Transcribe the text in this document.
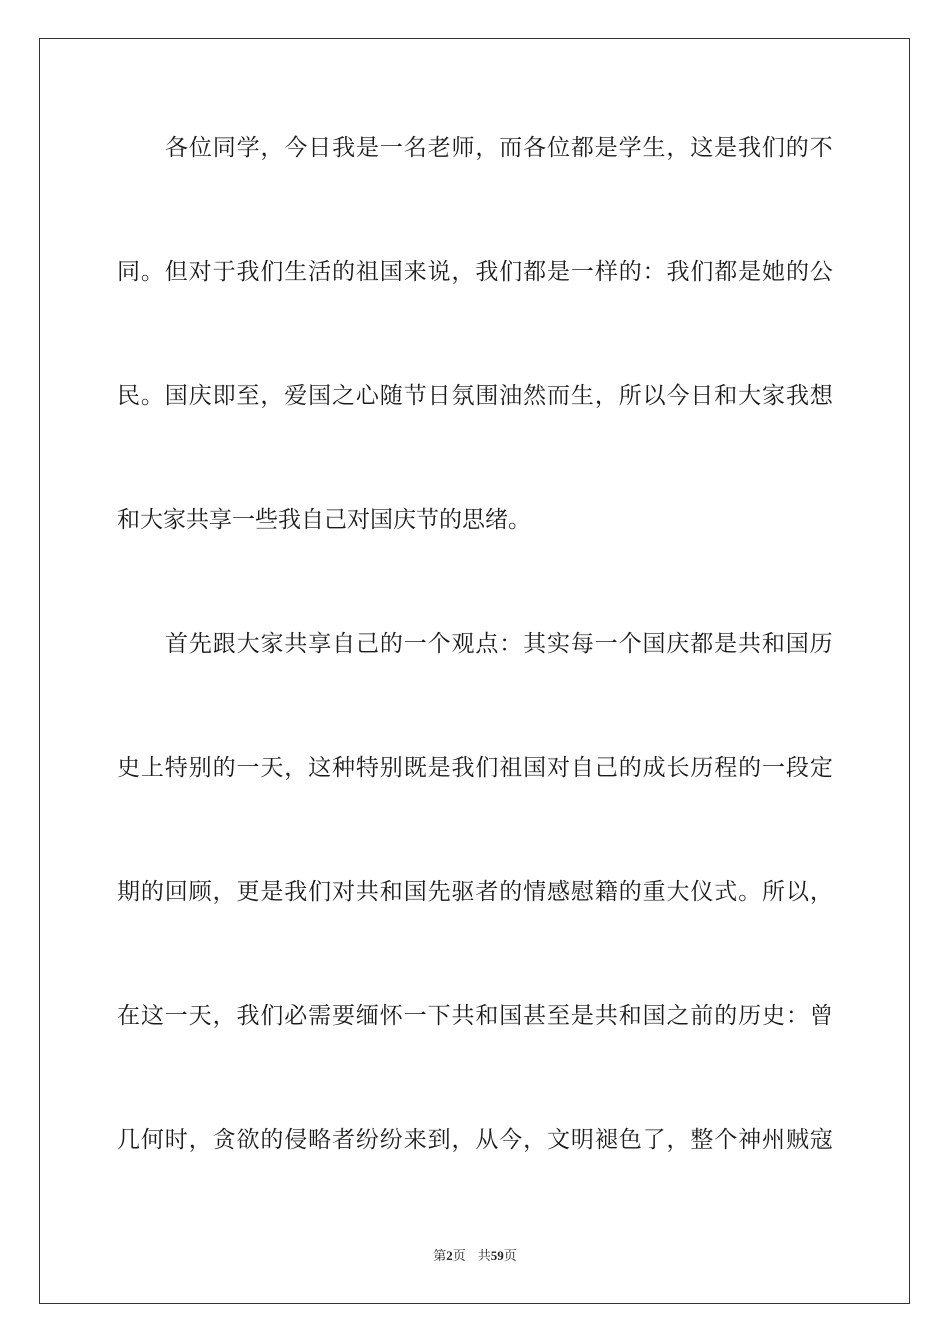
各 位 同 学 ， 今 日 我 是 一 名 老 师 ， 而 各 位 都 是 学 生 ， 这 是 我 们 的 不
同 。 但 对 于 我 们 生 活 的 祖 国 来 说 ， 我 们 都 是 一 样 的 ： 我 们 都 是 她 的 公
民 。 国 庆 即 至 ， 爱 国 之 心 随 节 日 氛 围 油 然 而 生 ， 所 以 今 日 和 大 家 我 想
和大家共享一些我自己对国庆节的思绪。
首 先 跟 大 家 共 享 自 己 的 一 个 观 点 ： 其 实 每 一 个 国 庆 都 是 共 和 国 历
史 上 特 别 的 一 天 ， 这 种 特 别 既 是 我 们 祖 国 对 自 己 的 成 长 历 程 的 一 段 定
期 的 回 顾 ， 更 是 我 们 对 共 和 国 先 驱 者 的 情 感 慰 籍 的 重 大 仪 式 。 所 以 ，
在 这 一 天 ， 我 们 必 需 要 缅 怀 一 下 共 和 国 甚 至 是 共 和 国 之 前 的 历 史 ： 曾
几 何 时 ， 贪 欲 的 侵 略 者 纷 纷 来 到 ， 从 今 ， 文 明 褪 色 了 ， 整 个 神 州 贼 寇
第2页 共59页
